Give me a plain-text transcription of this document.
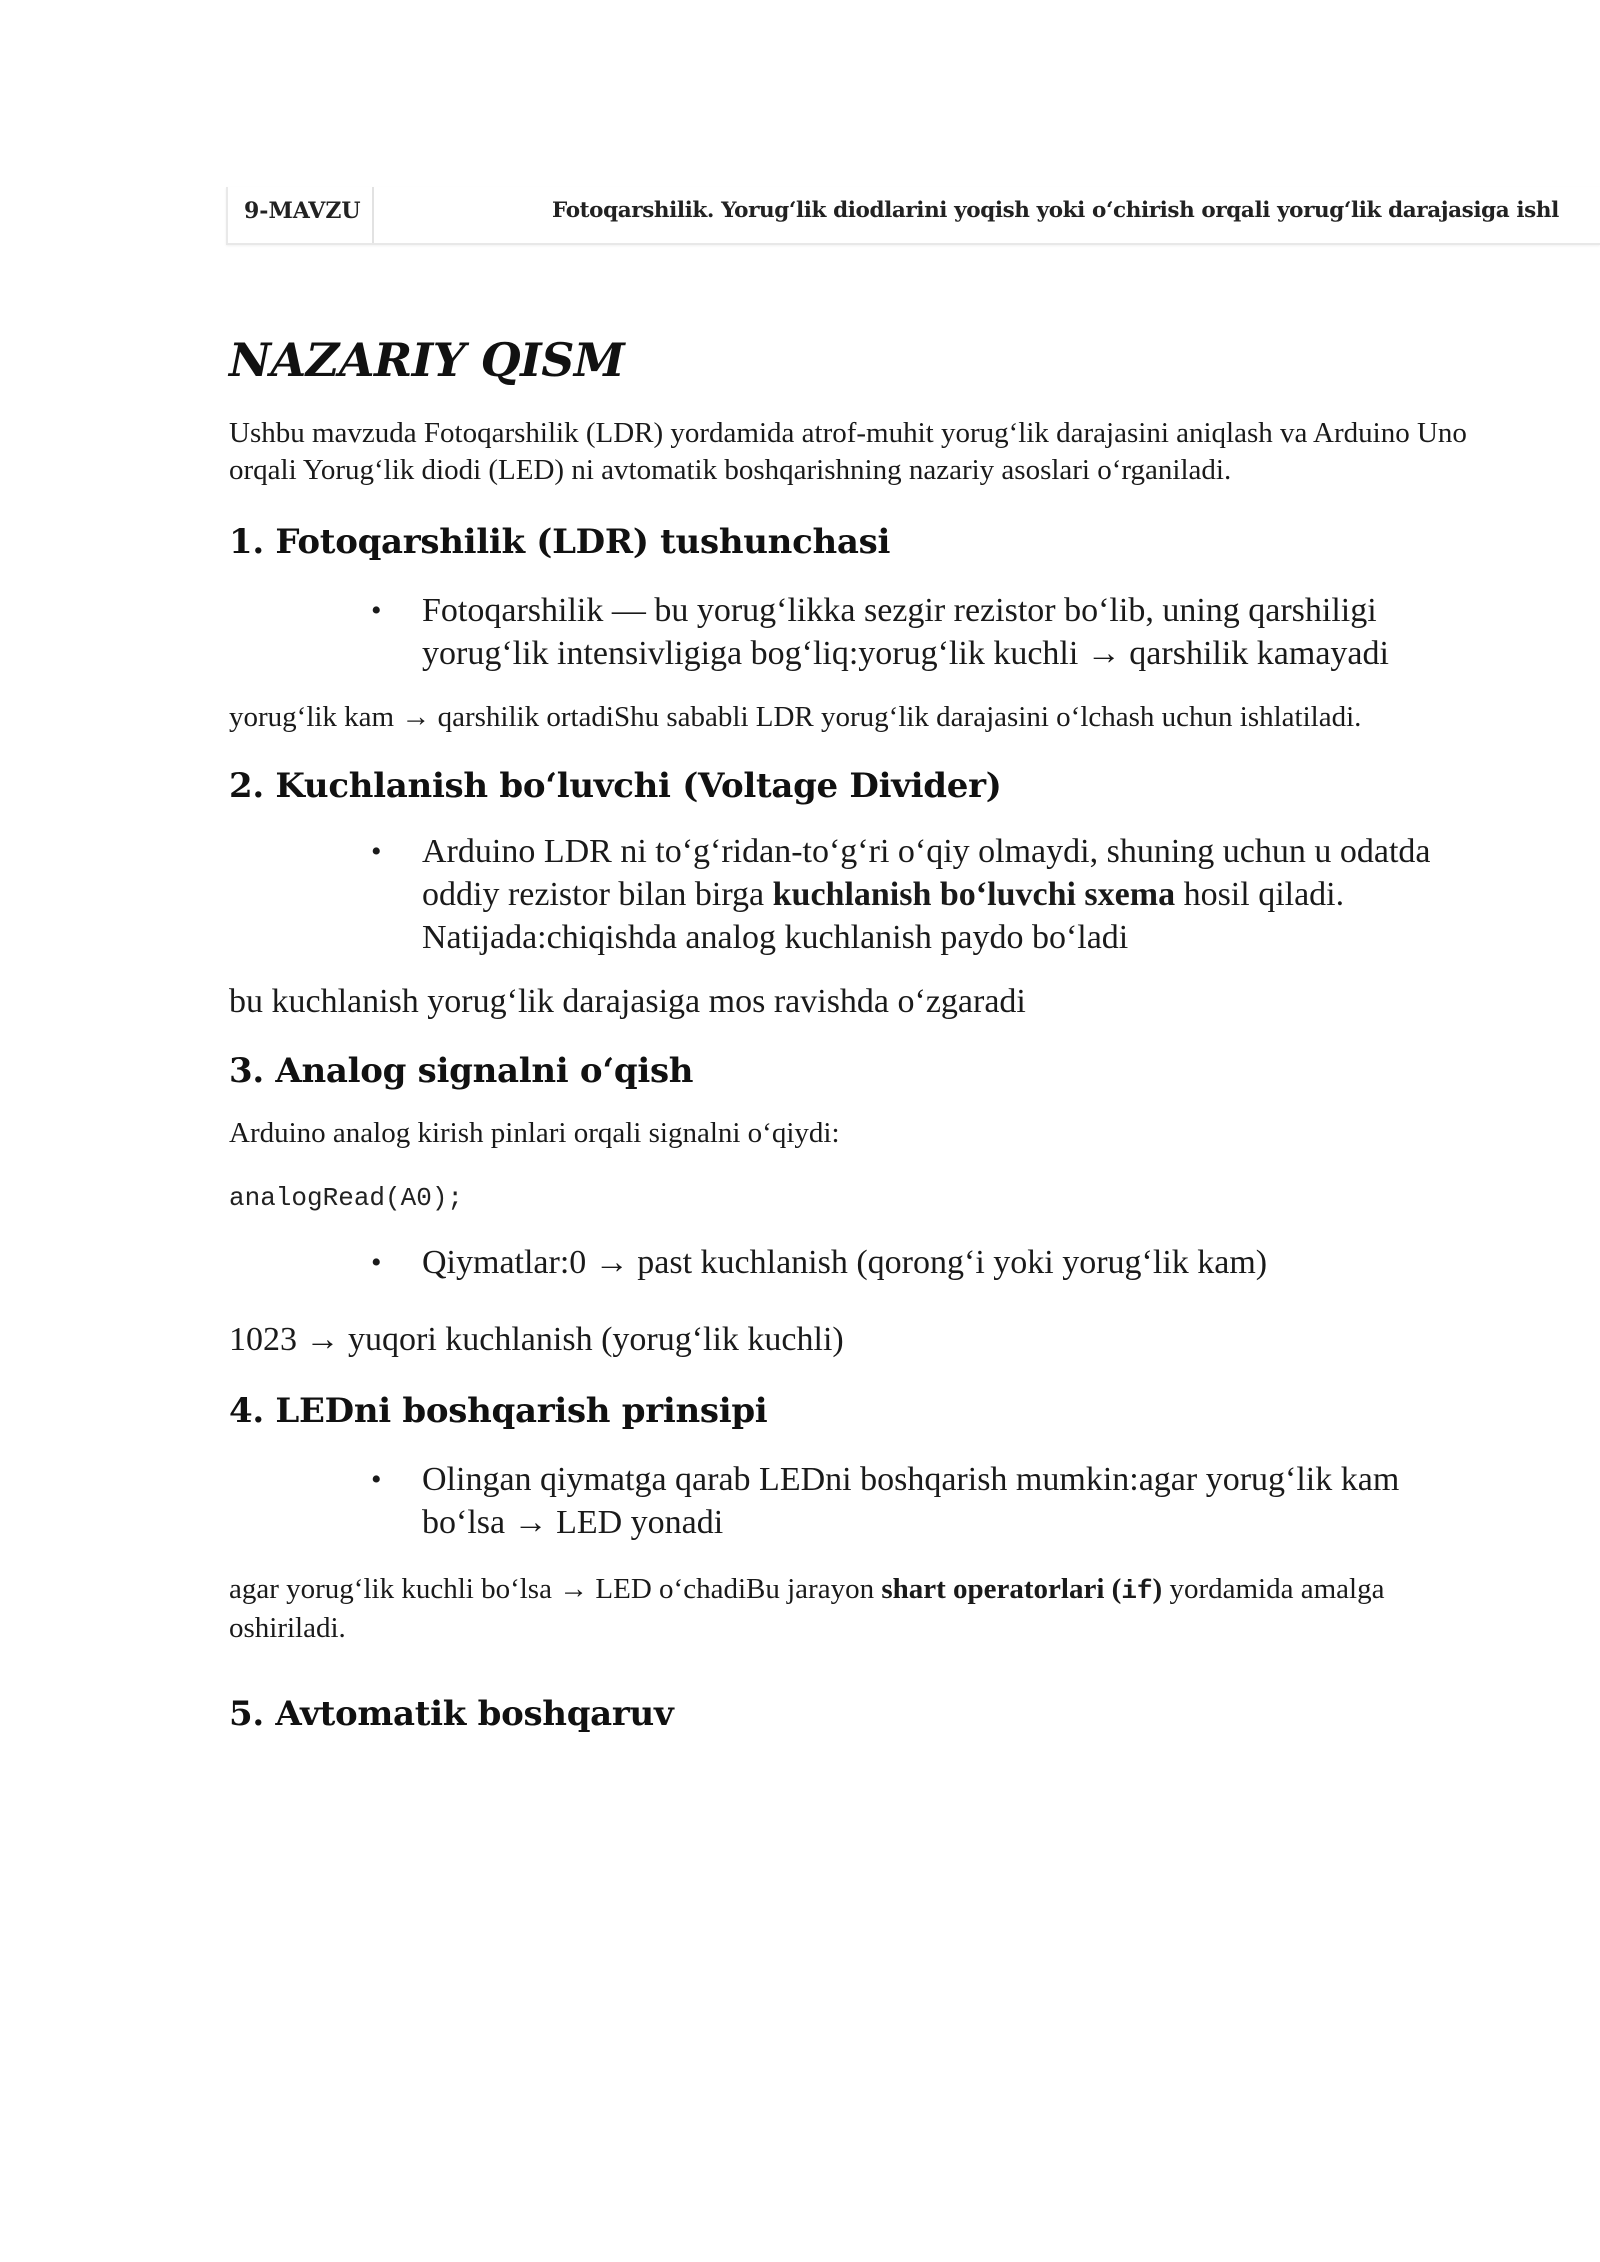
9-MAVZU	Fotoqarshilik. Yorug‘lik diodlarini yoqish yoki o‘chirish orqali yorug‘lik darajasiga ishl
NAZARIY QISM

Ushbu mavzuda Fotoqarshilik (LDR) yordamida atrof-muhit yorug‘lik darajasini aniqlash va Arduino Uno orqali Yorug‘lik diodi (LED) ni avtomatik boshqarishning nazariy asoslari o‘rganiladi.

1. Fotoqarshilik (LDR) tushunchasi
• Fotoqarshilik — bu yorug‘likka sezgir rezistor bo‘lib, uning qarshiligi yorug‘lik intensivligiga bog‘liq:yorug‘lik kuchli → qarshilik kamayadi

yorug‘lik kam → qarshilik ortadiShu sababli LDR yorug‘lik darajasini o‘lchash uchun ishlatiladi.

2. Kuchlanish bo‘luvchi (Voltage Divider)
• Arduino LDR ni to‘g‘ridan-to‘g‘ri o‘qiy olmaydi, shuning uchun u odatda oddiy rezistor bilan birga kuchlanish bo‘luvchi sxema hosil qiladi. Natijada:chiqishda analog kuchlanish paydo bo‘ladi

bu kuchlanish yorug‘lik darajasiga mos ravishda o‘zgaradi

3. Analog signalni o‘qish

Arduino analog kirish pinlari orqali signalni o‘qiydi:

analogRead(A0);

• Qiymatlar:0 → past kuchlanish (qorong‘i yoki yorug‘lik kam)

1023 → yuqori kuchlanish (yorug‘lik kuchli)

4. LEDni boshqarish prinsipi
• Olingan qiymatga qarab LEDni boshqarish mumkin:agar yorug‘lik kam bo‘lsa → LED yonadi

agar yorug‘lik kuchli bo‘lsa → LED o‘chadiBu jarayon shart operatorlari (if) yordamida amalga oshiriladi.

5. Avtomatik boshqaruv
